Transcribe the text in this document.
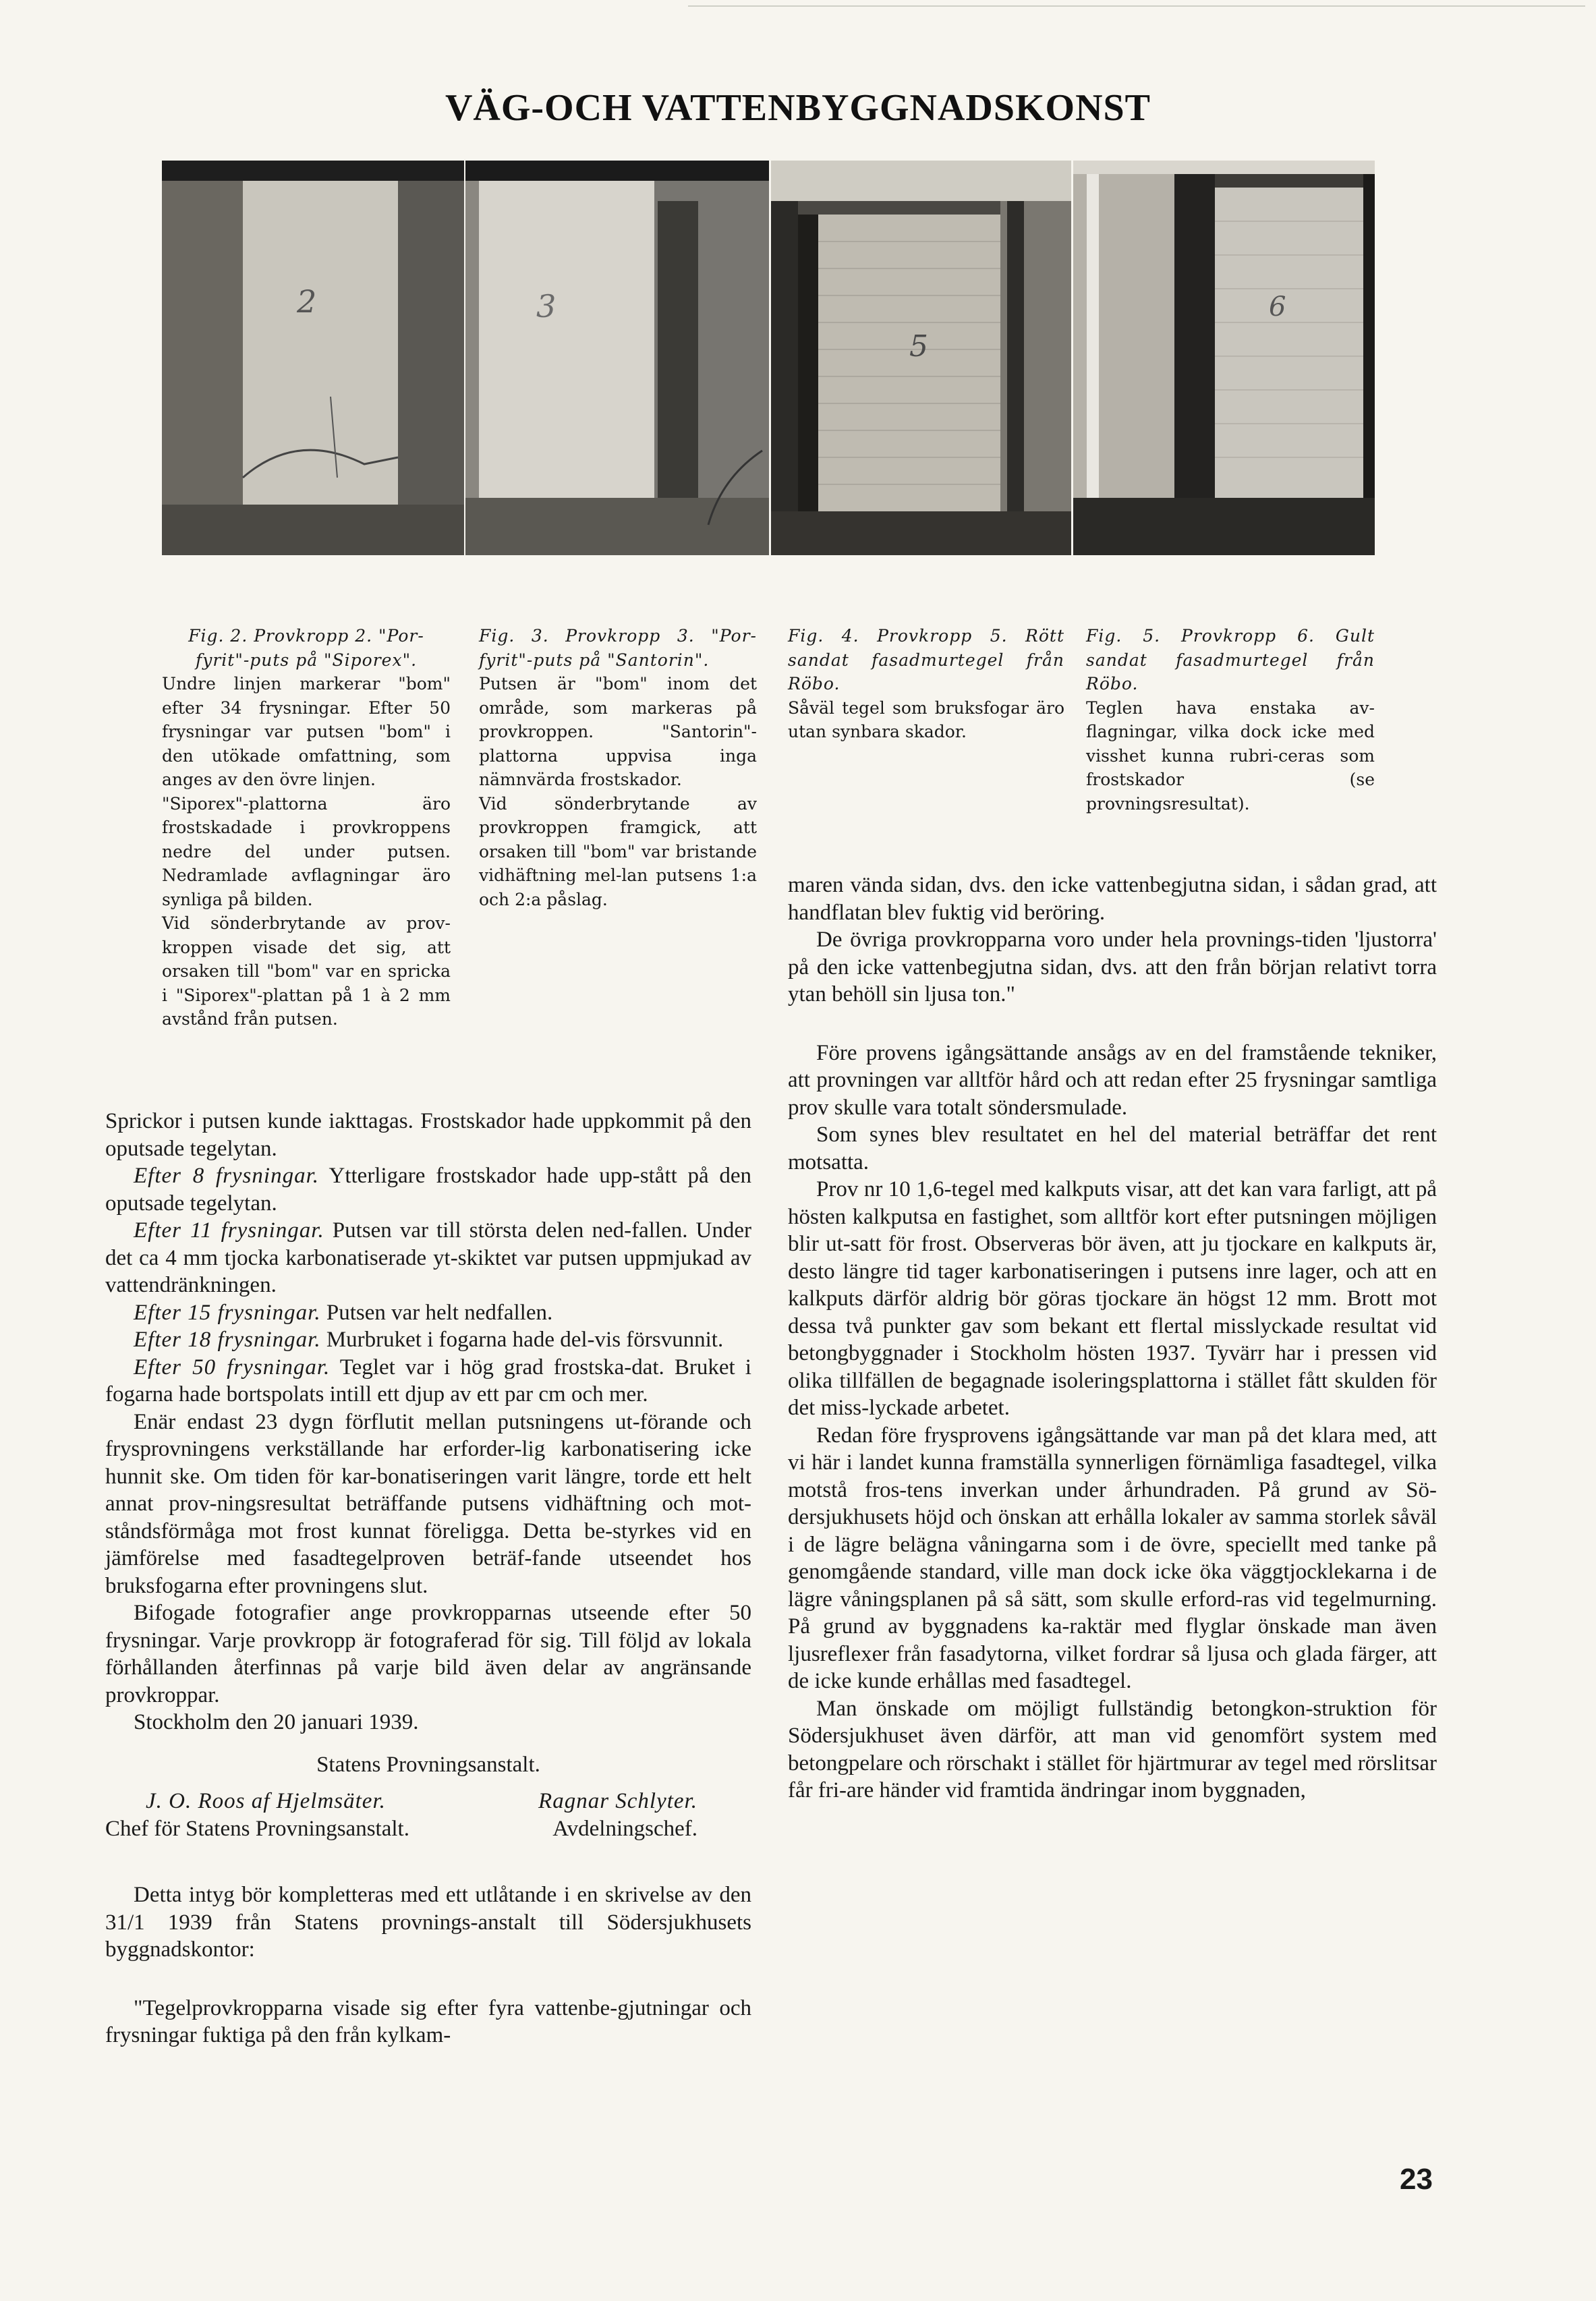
VÄG-OCH VATTENBYGGNADSKONST
2	3
5
6

Fig. 2. Provkropp 2. "Por-fyrit"-puts på "Siporex".

Undre linjen markerar "bom" efter 34 frysningar. Efter 50 frysningar var putsen "bom" i den utökade omfattning, som anges av den övre linjen.

"Siporex"-plattorna äro frostskadade i provkroppens nedre del under putsen. Nedramlade avflagningar äro synliga på bilden.

Vid sönderbrytande av prov-kroppen visade det sig, att orsaken till "bom" var en spricka i "Siporex"-plattan på 1 à 2 mm avstånd från putsen.

Fig. 3. Provkropp 3. "Por-fyrit"-puts på "Santorin".

Putsen är "bom" inom det område, som markeras på provkroppen. "Santorin"-plattorna uppvisa inga nämnvärda frostskador.

Vid sönderbrytande av provkroppen framgick, att orsaken till "bom" var bristande vidhäftning mel-lan putsens 1:a och 2:a påslag.

Fig. 4. Provkropp 5. Rött sandat fasadmurtegel från Röbo.

Såväl tegel som bruksfogar äro utan synbara skador.

Fig. 5. Provkropp 6. Gult sandat fasadmurtegel från Röbo.

Teglen hava enstaka av-flagningar, vilka dock icke med visshet kunna rubri-ceras som frostskador (se provningsresultat).

Sprickor i putsen kunde iakttagas. Frostskador hade uppkommit på den oputsade tegelytan.

Efter 8 frysningar. Ytterligare frostskador hade upp-stått på den oputsade tegelytan.

Efter 11 frysningar. Putsen var till största delen ned-fallen. Under det ca 4 mm tjocka karbonatiserade yt-skiktet var putsen uppmjukad av vattendränkningen.

Efter 15 frysningar. Putsen var helt nedfallen.

Efter 18 frysningar. Murbruket i fogarna hade del-vis försvunnit.

Efter 50 frysningar. Teglet var i hög grad frostska-dat. Bruket i fogarna hade bortspolats intill ett djup av ett par cm och mer.

Enär endast 23 dygn förflutit mellan putsningens ut-förande och frysprovningens verkställande har erforder-lig karbonatisering icke hunnit ske. Om tiden för kar-bonatiseringen varit längre, torde ett helt annat prov-ningsresultat beträffande putsens vidhäftning och mot-ståndsförmåga mot frost kunnat föreligga. Detta be-styrkes vid en jämförelse med fasadtegelproven beträf-fande utseendet hos bruksfogarna efter provningens slut.

Bifogade fotografier ange provkropparnas utseende efter 50 frysningar. Varje provkropp är fotograferad för sig. Till följd av lokala förhållanden återfinnas på varje bild även delar av angränsande provkroppar.

Stockholm den 20 januari 1939.

Statens Provningsanstalt.

J. O. Roos af Hjelmsäter.	Ragnar Schlyter.
Chef för Statens Provningsanstalt.	Avdelningschef.

Detta intyg bör kompletteras med ett utlåtande i en skrivelse av den 31/1 1939 från Statens provnings-anstalt till Södersjukhusets byggnadskontor:

"Tegelprovkropparna visade sig efter fyra vattenbe-gjutningar och frysningar fuktiga på den från kylkam-

maren vända sidan, dvs. den icke vattenbegjutna sidan, i sådan grad, att handflatan blev fuktig vid beröring.

De övriga provkropparna voro under hela provnings-tiden 'ljustorra' på den icke vattenbegjutna sidan, dvs. att den från början relativt torra ytan behöll sin ljusa ton."

Före provens igångsättande ansågs av en del framstående tekniker, att provningen var alltför hård och att redan efter 25 frysningar samtliga prov skulle vara totalt söndersmulade.

Som synes blev resultatet en hel del material beträffar det rent motsatta.

Prov nr 10 1,6-tegel med kalkputs visar, att det kan vara farligt, att på hösten kalkputsa en fastighet, som alltför kort efter putsningen möjligen blir ut-satt för frost. Observeras bör även, att ju tjockare en kalkputs är, desto längre tid tager karbonatiseringen i putsens inre lager, och att en kalkputs därför aldrig bör göras tjockare än högst 12 mm. Brott mot dessa två punkter gav som bekant ett flertal misslyckade resultat vid betongbyggnader i Stockholm hösten 1937. Tyvärr har i pressen vid olika tillfällen de begagnade isoleringsplattorna i stället fått skulden för det miss-lyckade arbetet.

Redan före frysprovens igångsättande var man på det klara med, att vi här i landet kunna framställa synnerligen förnämliga fasadtegel, vilka motstå fros-tens inverkan under århundraden. På grund av Sö-dersjukhusets höjd och önskan att erhålla lokaler av samma storlek såväl i de lägre belägna våningarna som i de övre, speciellt med tanke på genomgående standard, ville man dock icke öka väggtjocklekarna i de lägre våningsplanen på så sätt, som skulle erford-ras vid tegelmurning. På grund av byggnadens ka-raktär med flyglar önskade man även ljusreflexer från fasadytorna, vilket fordrar så ljusa och glada färger, att de icke kunde erhållas med fasadtegel.

Man önskade om möjligt fullständig betongkon-struktion för Södersjukhuset även därför, att man vid genomfört system med betongpelare och rörschakt i stället för hjärtmurar av tegel med rörslitsar får fri-are händer vid framtida ändringar inom byggnaden,

23
